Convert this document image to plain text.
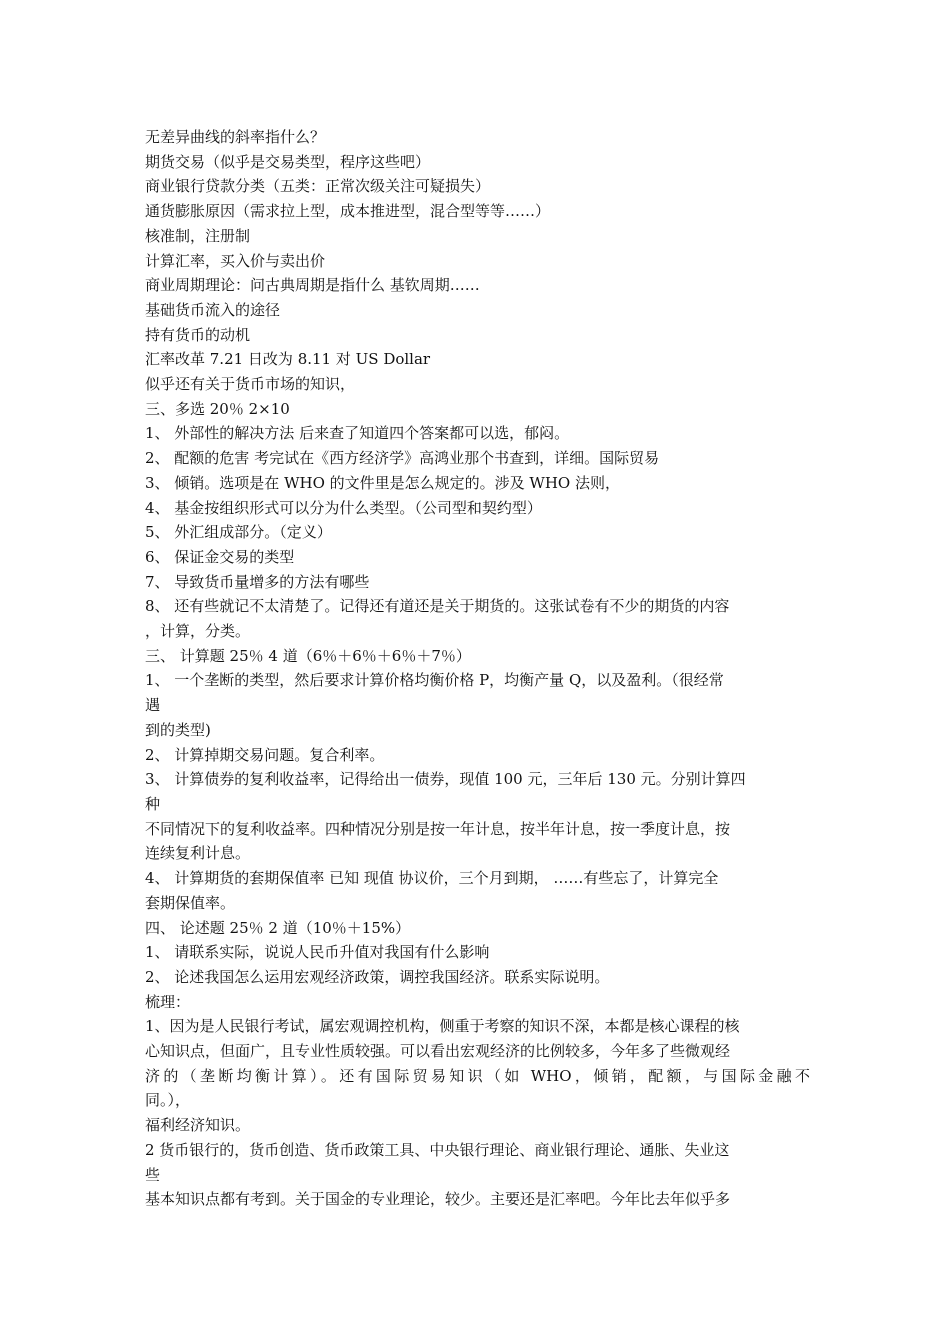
无差异曲线的斜率指什么？

期货交易（似乎是交易类型，程序这些吧）

商业银行贷款分类（五类：正常次级关注可疑损失）

通货膨胀原因（需求拉上型，成本推进型，混合型等等……）

核准制，注册制

计算汇率，买入价与卖出价

商业周期理论：问古典周期是指什么 基钦周期……

基础货币流入的途径

持有货币的动机

汇率改革 7.21 日改为 8.11 对 US Dollar

似乎还有关于货币市场的知识，

三、多选 20％ 2×10

1、 外部性的解决方法 后来查了知道四个答案都可以选，郁闷。

2、 配额的危害 考完试在《西方经济学》高鸿业那个书查到，详细。国际贸易

3、 倾销。选项是在 WHO 的文件里是怎么规定的。涉及 WHO 法则，

4、 基金按组织形式可以分为什么类型。（公司型和契约型）

5、 外汇组成部分。（定义）

6、 保证金交易的类型

7、 导致货币量增多的方法有哪些

8、 还有些就记不太清楚了。记得还有道还是关于期货的。这张试卷有不少的期货的内容

，计算，分类。

三、 计算题 25％ 4 道（6％＋6％＋6％＋7％）

1、 一个垄断的类型，然后要求计算价格均衡价格 P，均衡产量 Q，以及盈利。（很经常

遇

到的类型)

2、 计算掉期交易问题。复合利率。

3、 计算债券的复利收益率，记得给出一债券，现值 100 元，三年后 130 元。分别计算四

种

不同情况下的复利收益率。四种情况分别是按一年计息，按半年计息，按一季度计息，按

连续复利计息。

4、 计算期货的套期保值率 已知 现值 协议价，三个月到期， ……有些忘了，计算完全

套期保值率。

四、 论述题 25％ 2 道（10％＋15%）

1、 请联系实际，说说人民币升值对我国有什么影响

2、 论述我国怎么运用宏观经济政策，调控我国经济。联系实际说明。

梳理：

1、因为是人民银行考试，属宏观调控机构，侧重于考察的知识不深，本都是核心课程的核

心知识点，但面广，且专业性质较强。可以看出宏观经济的比例较多，今年多了些微观经

济的（垄断均衡计算）。还有国际贸易知识（如 WHO，倾销，配额，与国际金融不

同。），

福利经济知识。

2 货币银行的，货币创造、货币政策工具、中央银行理论、商业银行理论、通胀、失业这

些

基本知识点都有考到。关于国金的专业理论，较少。主要还是汇率吧。今年比去年似乎多
